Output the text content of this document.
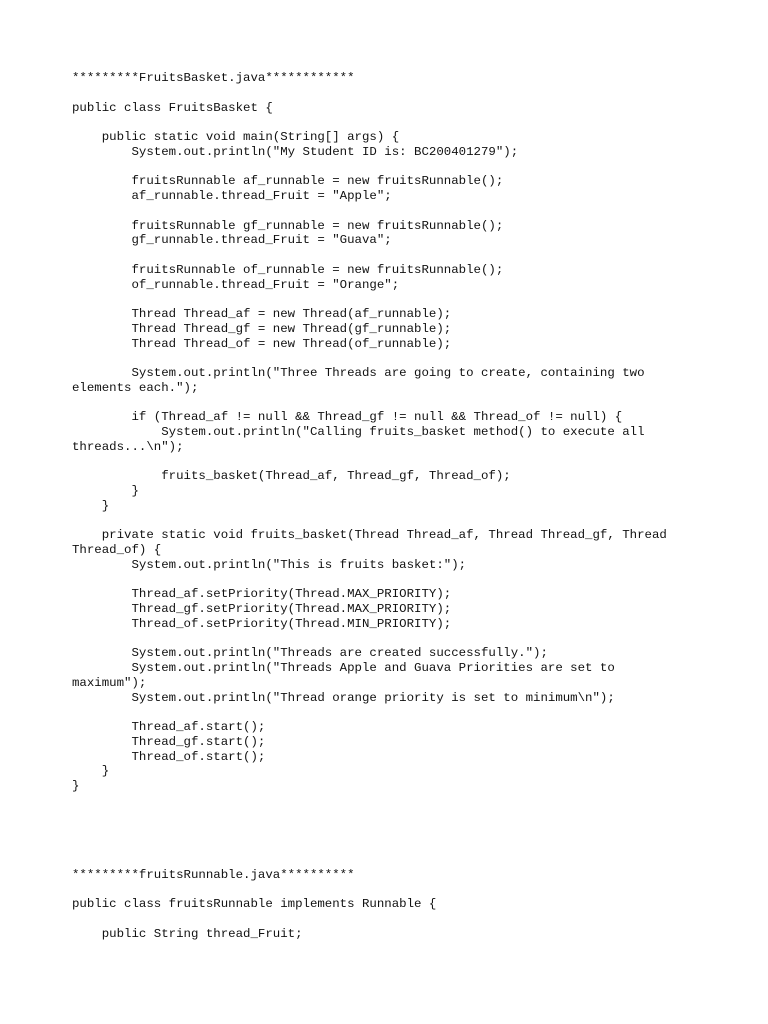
*********FruitsBasket.java************
public class FruitsBasket {
public static void main(String[] args) {
System.out.println("My Student ID is: BC200401279");
fruitsRunnable af_runnable = new fruitsRunnable();
af_runnable.thread_Fruit = "Apple";
fruitsRunnable gf_runnable = new fruitsRunnable();
gf_runnable.thread_Fruit = "Guava";
fruitsRunnable of_runnable = new fruitsRunnable();
of_runnable.thread_Fruit = "Orange";
Thread Thread_af = new Thread(af_runnable);
Thread Thread_gf = new Thread(gf_runnable);
Thread Thread_of = new Thread(of_runnable);
System.out.println("Three Threads are going to create, containing two
elements each.");
if (Thread_af != null && Thread_gf != null && Thread_of != null) {
System.out.println("Calling fruits_basket method() to execute all
threads...\n");
fruits_basket(Thread_af, Thread_gf, Thread_of);
}
}
private static void fruits_basket(Thread Thread_af, Thread Thread_gf, Thread
Thread_of) {
System.out.println("This is fruits basket:");
Thread_af.setPriority(Thread.MAX_PRIORITY);
Thread_gf.setPriority(Thread.MAX_PRIORITY);
Thread_of.setPriority(Thread.MIN_PRIORITY);
System.out.println("Threads are created successfully.");
System.out.println("Threads Apple and Guava Priorities are set to
maximum");
System.out.println("Thread orange priority is set to minimum\n");
Thread_af.start();
Thread_gf.start();
Thread_of.start();
}
}
*********fruitsRunnable.java**********
public class fruitsRunnable implements Runnable {
public String thread_Fruit;
